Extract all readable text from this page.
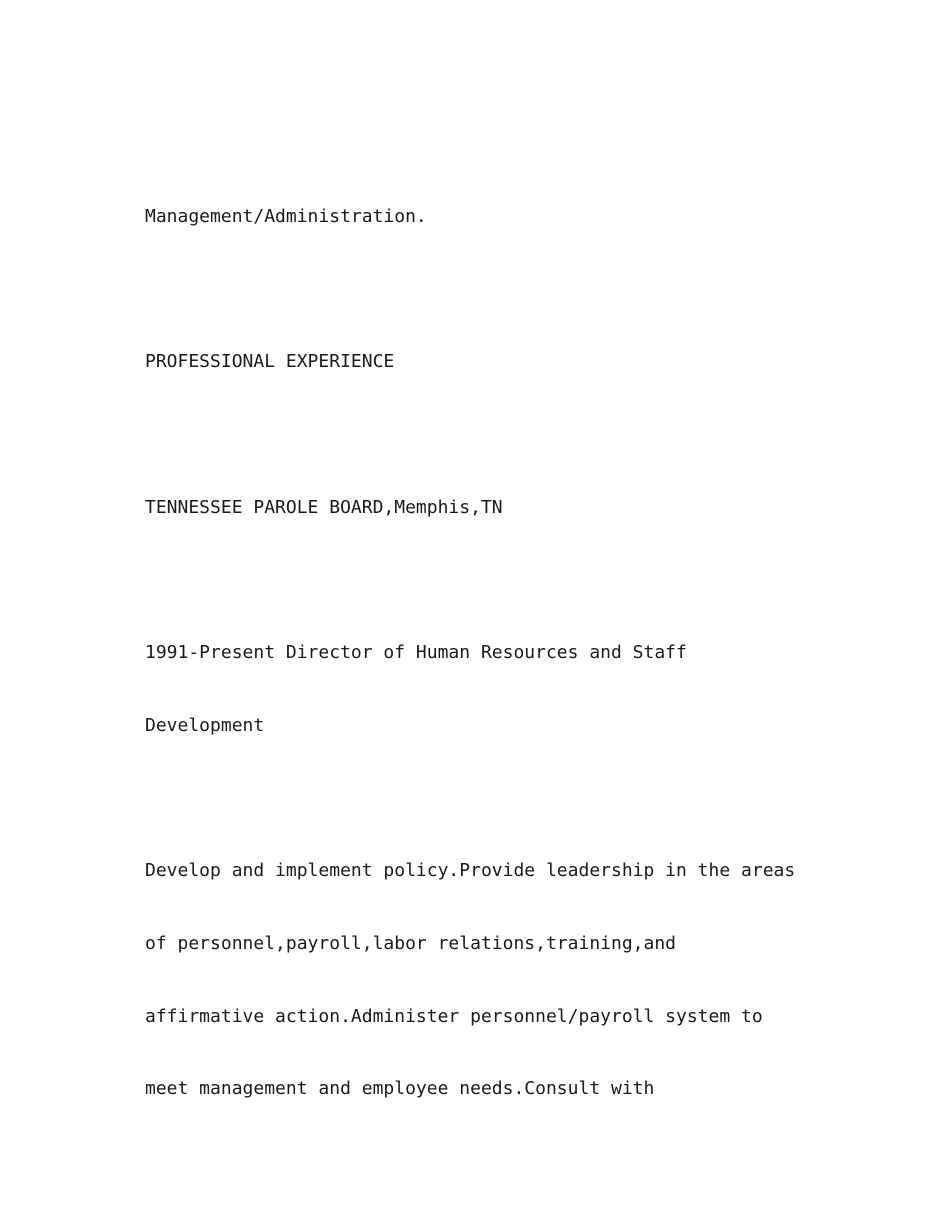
Management/Administration.
PROFESSIONAL EXPERIENCE
TENNESSEE PAROLE BOARD,Memphis,TN
1991-Present Director of Human Resources and Staff
Development
Develop and implement policy.Provide leadership in the areas
of personnel,payroll,labor relations,training,and
affirmative action.Administer personnel/payroll system to
meet management and employee needs.Consult with
